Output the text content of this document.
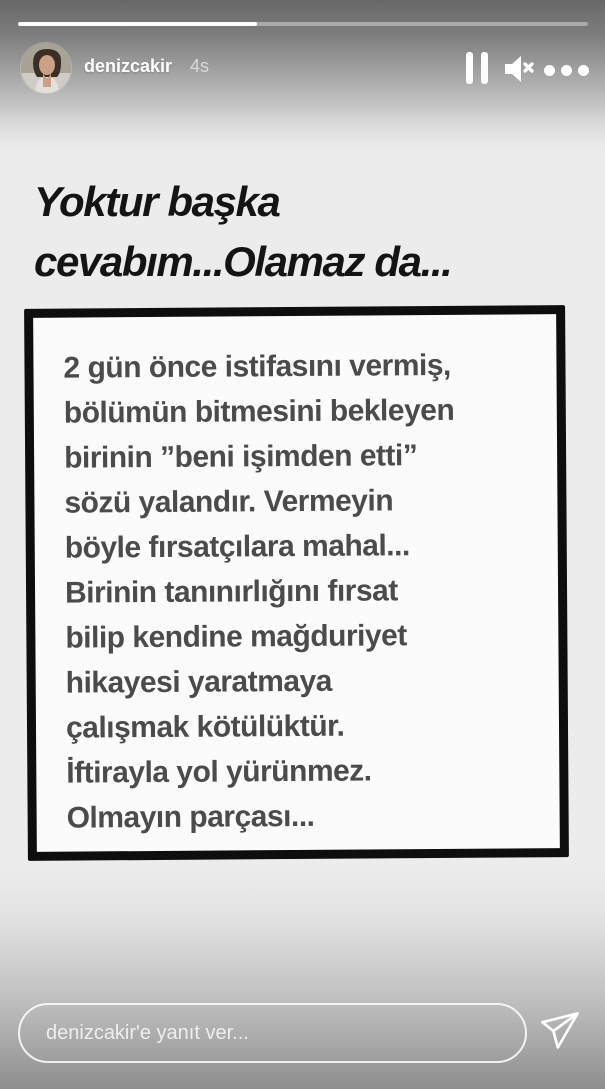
denizcakir 4s
Yoktur başka
cevabım...Olamaz da...
2 gün önce istifasını vermiş,
bölümün bitmesini bekleyen
birinin ”beni işimden etti”
sözü yalandır. Vermeyin
böyle fırsatçılara mahal...
Birinin tanınırlığını fırsat
bilip kendine mağduriyet
hikayesi yaratmaya
çalışmak kötülüktür.
İftirayla yol yürünmez.
Olmayın parçası...
denizcakir'e yanıt ver...
